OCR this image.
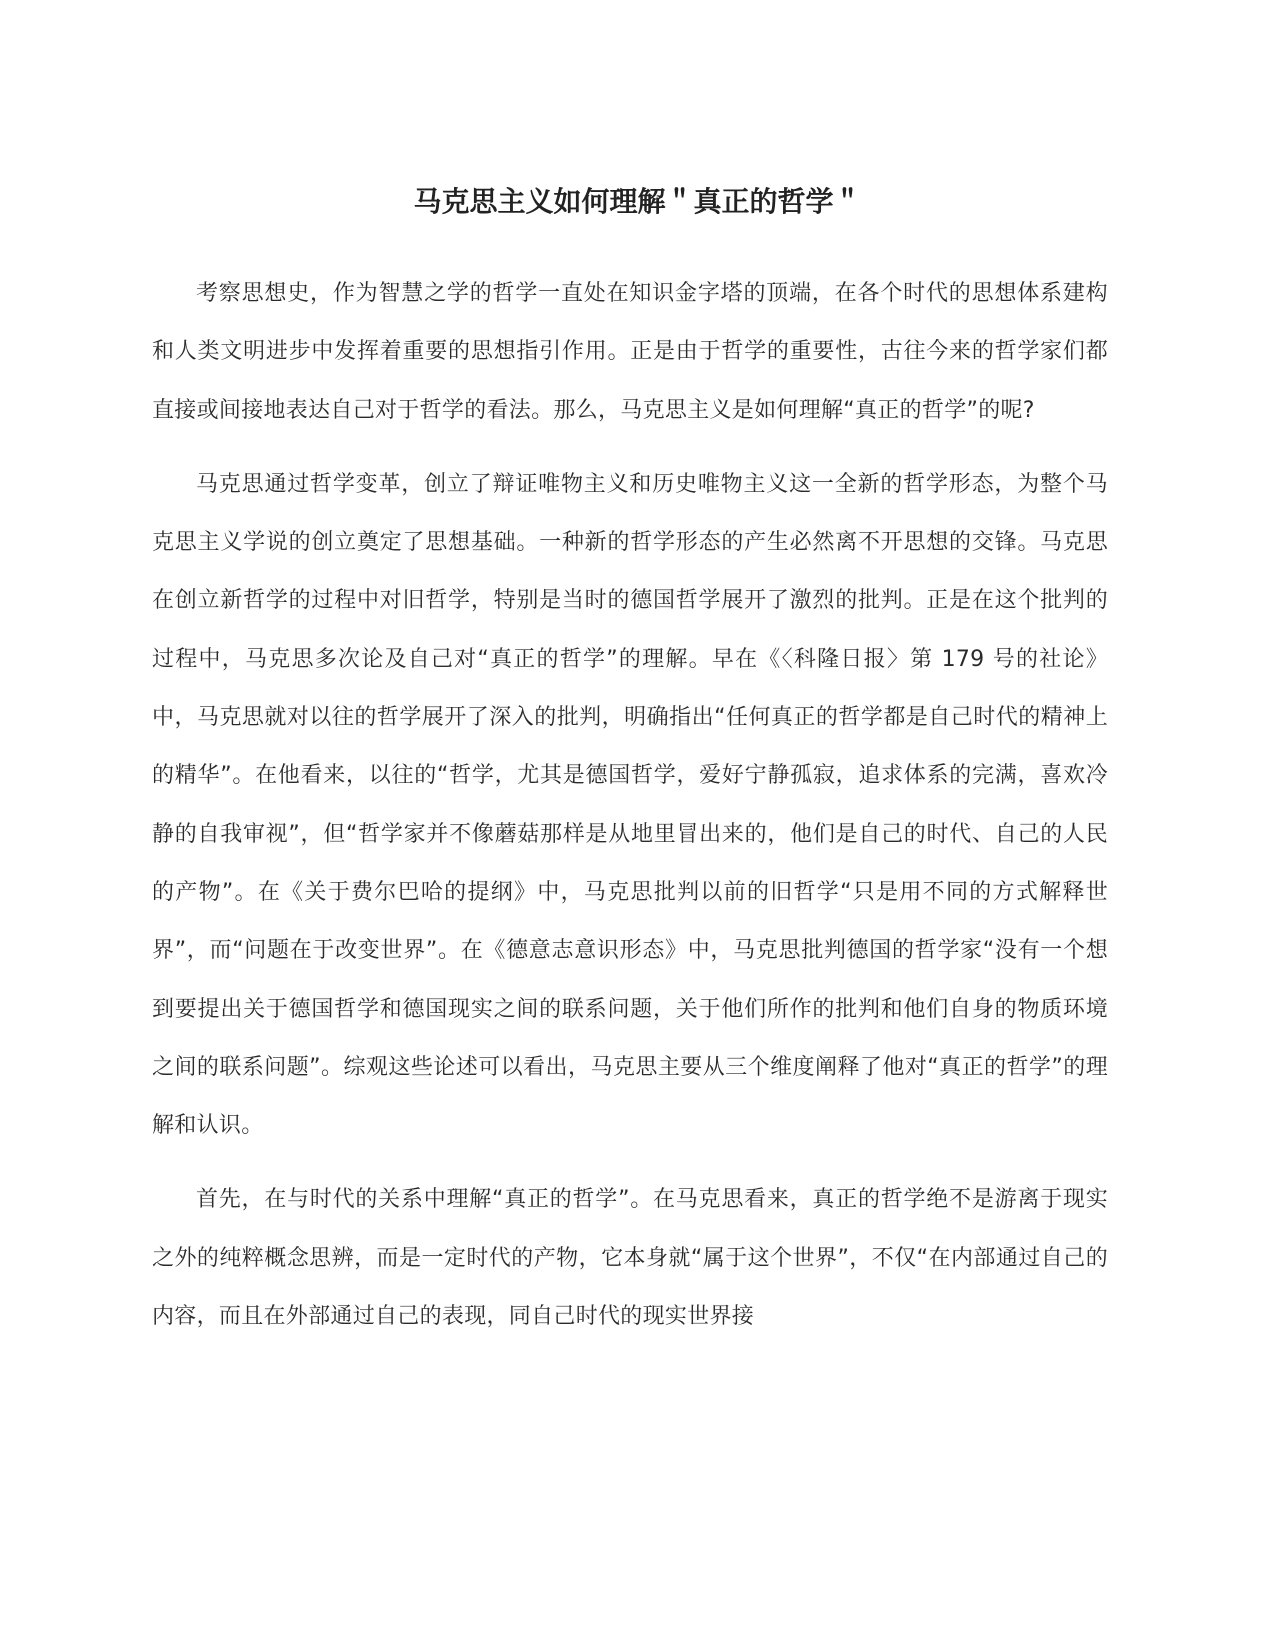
马克思主义如何理解＂真正的哲学＂

考察思想史，作为智慧之学的哲学一直处在知识金字塔的顶端，在各个时代的思想体系建构和人类文明进步中发挥着重要的思想指引作用。正是由于哲学的重要性，古往今来的哲学家们都直接或间接地表达自己对于哲学的看法。那么，马克思主义是如何理解“真正的哲学”的呢?

马克思通过哲学变革，创立了辩证唯物主义和历史唯物主义这一全新的哲学形态，为整个马克思主义学说的创立奠定了思想基础。一种新的哲学形态的产生必然离不开思想的交锋。马克思在创立新哲学的过程中对旧哲学，特别是当时的德国哲学展开了激烈的批判。正是在这个批判的过程中，马克思多次论及自己对“真正的哲学”的理解。早在《〈科隆日报〉第 179 号的社论》中，马克思就对以往的哲学展开了深入的批判，明确指出“任何真正的哲学都是自己时代的精神上的精华”。在他看来，以往的“哲学，尤其是德国哲学，爱好宁静孤寂，追求体系的完满，喜欢冷静的自我审视”，但“哲学家并不像蘑菇那样是从地里冒出来的，他们是自己的时代、自己的人民的产物”。在《关于费尔巴哈的提纲》中，马克思批判以前的旧哲学“只是用不同的方式解释世界”，而“问题在于改变世界”。在《德意志意识形态》中，马克思批判德国的哲学家“没有一个想到要提出关于德国哲学和德国现实之间的联系问题，关于他们所作的批判和他们自身的物质环境之间的联系问题”。综观这些论述可以看出，马克思主要从三个维度阐释了他对“真正的哲学”的理解和认识。

首先，在与时代的关系中理解“真正的哲学”。在马克思看来，真正的哲学绝不是游离于现实之外的纯粹概念思辨，而是一定时代的产物，它本身就“属于这个世界”，不仅“在内部通过自己的内容，而且在外部通过自己的表现，同自己时代的现实世界接
